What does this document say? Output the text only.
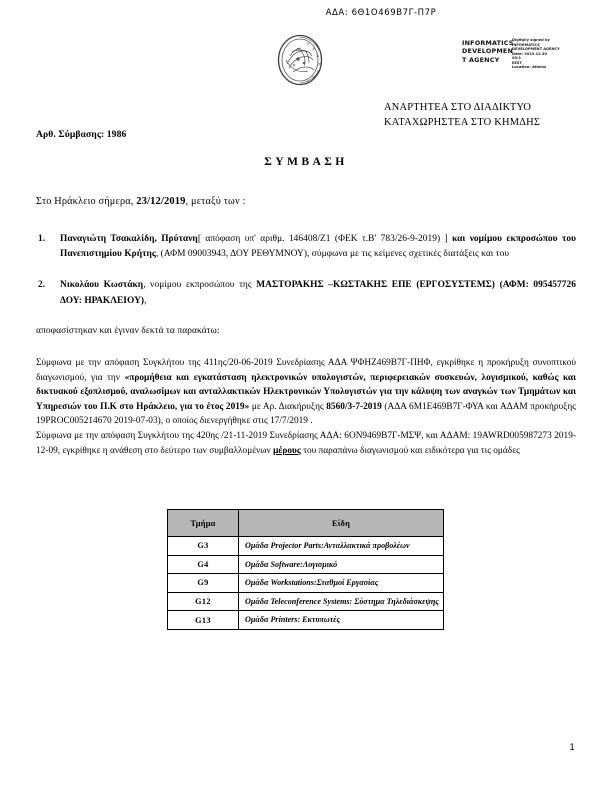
ΑΔΑ: 6Θ1Ο469Β7Γ-Π7Ρ
Π
Κ
Ρ
Η
Τ
Η
Σ
INFORMATICS
DEVELOPMEN
T AGENCY
Digitally signed by
INFORMATICS
DEVELOPMENT AGENCY
Date: 2019.12.30
09:1
EEST
Location: Athens
ΑΝΑΡΤΗΤΕΑ ΣΤΟ ΔΙΑΔΙΚΤΥΟ
ΚΑΤΑΧΩΡΗΣΤΕΑ ΣΤΟ ΚΗΜΔΗΣ
Αρθ. Σύμβασης: 1986
ΣΥΜΒΑΣΗ
Στο Ηράκλειο σήμερα, 23/12/2019, μεταξύ των :
1. Παναγιώτη Τσακαλίδη, Πρύτανη[ απόφαση υπ' αριθμ. 146408/Ζ1 (ΦΕΚ τ.Β' 783/26-9-2019) ] και νομίμου εκπροσώπου του Πανεπιστημίου Κρήτης, (ΑΦΜ 09003943, ΔΟΥ ΡΕΘΥΜΝΟΥ), σύμφωνα με τις κείμενες σχετικές διατάξεις και του
2. Νικολάου Κωστάκη, νομίμου εκπροσώπου της ΜΑΣΤΟΡΑΚΗΣ –ΚΩΣΤΑΚΗΣ ΕΠΕ (ΕΡΓΟΣΥΣΤΕΜΣ) (ΑΦΜ: 095457726 ΔΟΥ: ΗΡΑΚΛΕΙΟΥ),
αποφασίστηκαν και έγιναν δεκτά τα παρακάτω:
Σύμφωνα με την απόφαση Συγκλήτου της 411ης/20-06-2019 Συνεδρίασης ΑΔΑ ΨΦΗΖ469Β7Γ-ΠΗΦ, εγκρίθηκε η προκήρυξη συνοπτικού διαγωνισμού, για την «προμήθεια και εγκατάσταση ηλεκτρονικών υπολογιστών, περιφερειακών συσκευών, λογισμικού, καθώς και δικτυακού εξοπλισμού, αναλωσίμων και ανταλλακτικών Ηλεκτρονικών Υπολογιστών για την κάλυψη των αναγκών των Τμημάτων και Υπηρεσιών του Π.Κ στο Ηράκλειο, για το έτος 2019» με Αρ. Διακήρυξης 8560/3-7-2019 (ΑΔΑ 6Μ1Ε469Β7Γ-ΦΥΑ και ΑΔΑΜ προκήρυξης 19PROC005214670 2019-07-03), ο οποίος διενεργήθηκε στις 17/7/2019 .
Σύμφωνα με την απόφαση Συγκλήτου της 420ης /21-11-2019 Συνεδρίασης ΑΔΑ: 6ΟΝ9469Β7Γ-ΜΣΨ, και ΑΔΑΜ: 19AWRD005987273 2019-12-09, εγκρίθηκε η ανάθεση στο δεύτερο των συμβαλλομένων μέρους του παραπάνω διαγωνισμού και ειδικότερα για τις ομάδες
Τμήμα	Είδη
G3	Ομάδα Projector Parts:Ανταλλακτικά προβολέων
G4	Ομάδα Software:Λογισμικό
G9	Ομάδα Workstations:Σταθμοί Εργασίας
G12	Ομάδα Teleconference Systems: Σύστημα Τηλεδιάσκεψης
G13	Ομάδα Printers: Εκτυπωτές
1
